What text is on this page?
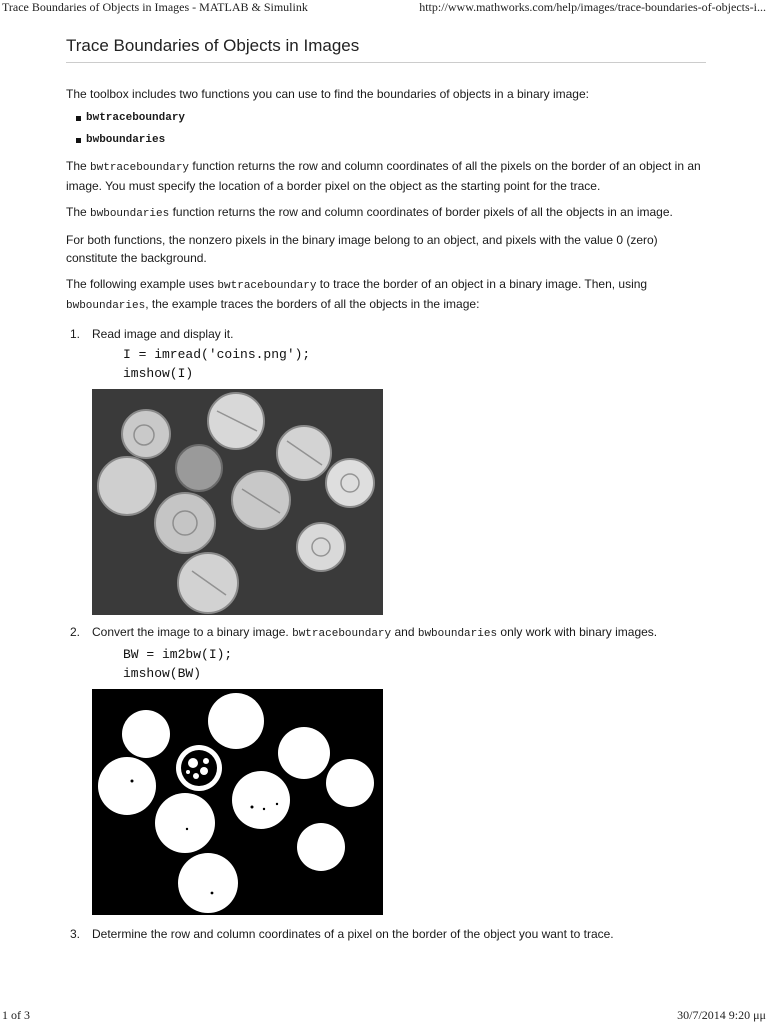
Trace Boundaries of Objects in Images - MATLAB & Simulink	http://www.mathworks.com/help/images/trace-boundaries-of-objects-i...
Trace Boundaries of Objects in Images

The toolbox includes two functions you can use to find the boundaries of objects in a binary image:

bwtraceboundary
bwboundaries

The bwtraceboundary function returns the row and column coordinates of all the pixels on the border of an object in an image. You must specify the location of a border pixel on the object as the starting point for the trace.

The bwboundaries function returns the row and column coordinates of border pixels of all the objects in an image.

For both functions, the nonzero pixels in the binary image belong to an object, and pixels with the value 0 (zero) constitute the background.

The following example uses bwtraceboundary to trace the border of an object in a binary image. Then, using bwboundaries, the example traces the borders of all the objects in the image:

1. Read image and display it.

I = imread('coins.png');
imshow(I)
2. Convert the image to a binary image. bwtraceboundary and bwboundaries only work with binary images.

BW = im2bw(I);
imshow(BW)
3. Determine the row and column coordinates of a pixel on the border of the object you want to trace.

1 of 3	30/7/2014 9:20 μμ
